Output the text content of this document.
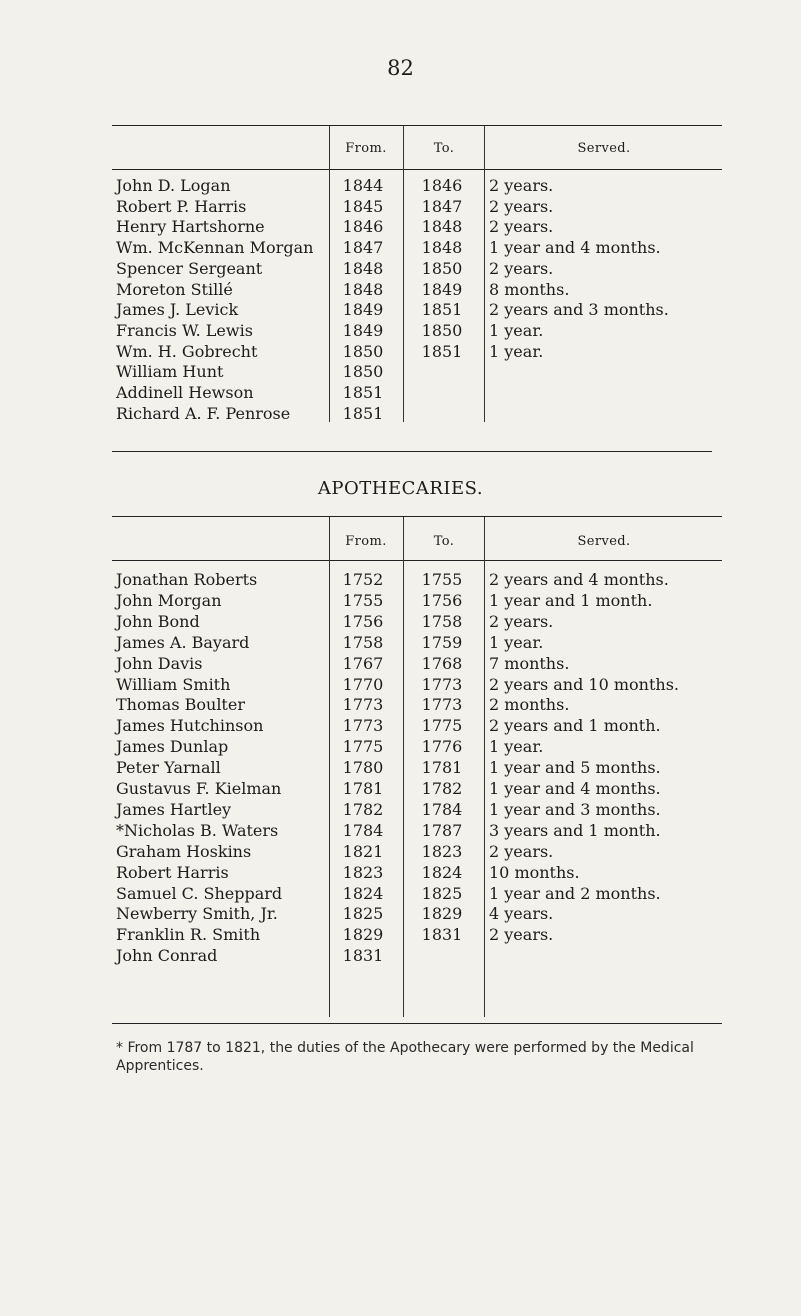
82
From.	To.	Served.
John D. Logan	1844	1846	2 years.
Robert P. Harris	1845	1847	2 years.
Henry Hartshorne	1846	1848	2 years.
Wm. McKennan Morgan	1847	1848	1 year and 4 months.
Spencer Sergeant	1848	1850	2 years.
Moreton Stillé	1848	1849	8 months.
James J. Levick	1849	1851	2 years and 3 months.
Francis W. Lewis	1849	1850	1 year.
Wm. H. Gobrecht	1850	1851	1 year.
William Hunt	1850
Addinell Hewson	1851
Richard A. F. Penrose	1851
APOTHECARIES.
From.	To.	Served.
Jonathan Roberts	1752	1755	2 years and 4 months.
John Morgan	1755	1756	1 year and 1 month.
John Bond	1756	1758	2 years.
James A. Bayard	1758	1759	1 year.
John Davis	1767	1768	7 months.
William Smith	1770	1773	2 years and 10 months.
Thomas Boulter	1773	1773	2 months.
James Hutchinson	1773	1775	2 years and 1 month.
James Dunlap	1775	1776	1 year.
Peter Yarnall	1780	1781	1 year and 5 months.
Gustavus F. Kielman	1781	1782	1 year and 4 months.
James Hartley	1782	1784	1 year and 3 months.
*Nicholas B. Waters	1784	1787	3 years and 1 month.
Graham Hoskins	1821	1823	2 years.
Robert Harris	1823	1824	10 months.
Samuel C. Sheppard	1824	1825	1 year and 2 months.
Newberry Smith, Jr.	1825	1829	4 years.
Franklin R. Smith	1829	1831	2 years.
John Conrad	1831
* From 1787 to 1821, the duties of the Apothecary were performed by the Medical Apprentices.
